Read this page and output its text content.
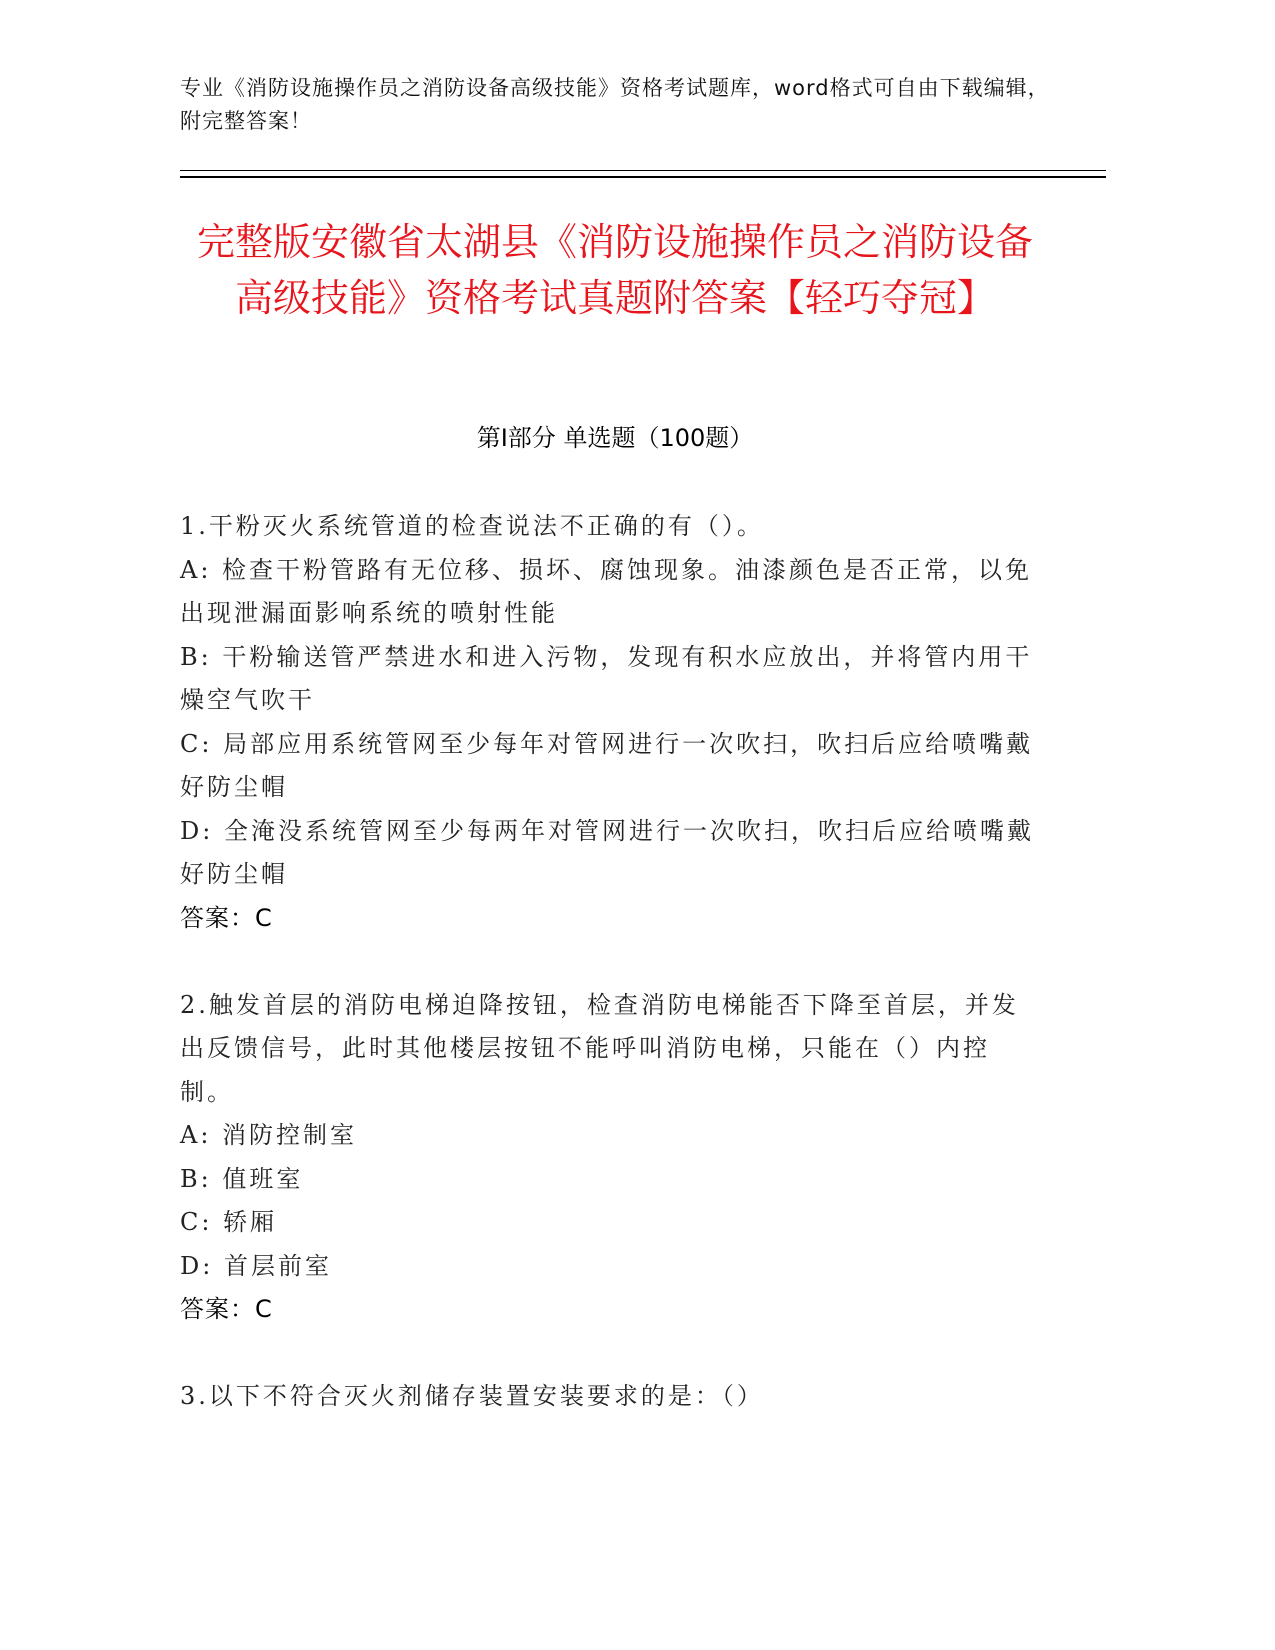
专业《消防设施操作员之消防设备高级技能》资格考试题库，word格式可自由下载编辑，附完整答案！
完整版安徽省太湖县《消防设施操作员之消防设备高级技能》资格考试真题附答案【轻巧夺冠】
第Ⅰ部分 单选题（100题）

1.干粉灭火系统管道的检查说法不正确的有（）。

A: 检查干粉管路有无位移、损坏、腐蚀现象。油漆颜色是否正常，以免出现泄漏面影响系统的喷射性能

B: 干粉输送管严禁进水和进入污物，发现有积水应放出，并将管内用干燥空气吹干

C: 局部应用系统管网至少每年对管网进行一次吹扫，吹扫后应给喷嘴戴好防尘帽

D: 全淹没系统管网至少每两年对管网进行一次吹扫，吹扫后应给喷嘴戴好防尘帽

答案：C

2.触发首层的消防电梯迫降按钮，检查消防电梯能否下降至首层，并发出反馈信号，此时其他楼层按钮不能呼叫消防电梯，只能在（）内控制。

A: 消防控制室

B: 值班室

C: 轿厢

D: 首层前室

答案：C

3.以下不符合灭火剂储存装置安装要求的是：（）
